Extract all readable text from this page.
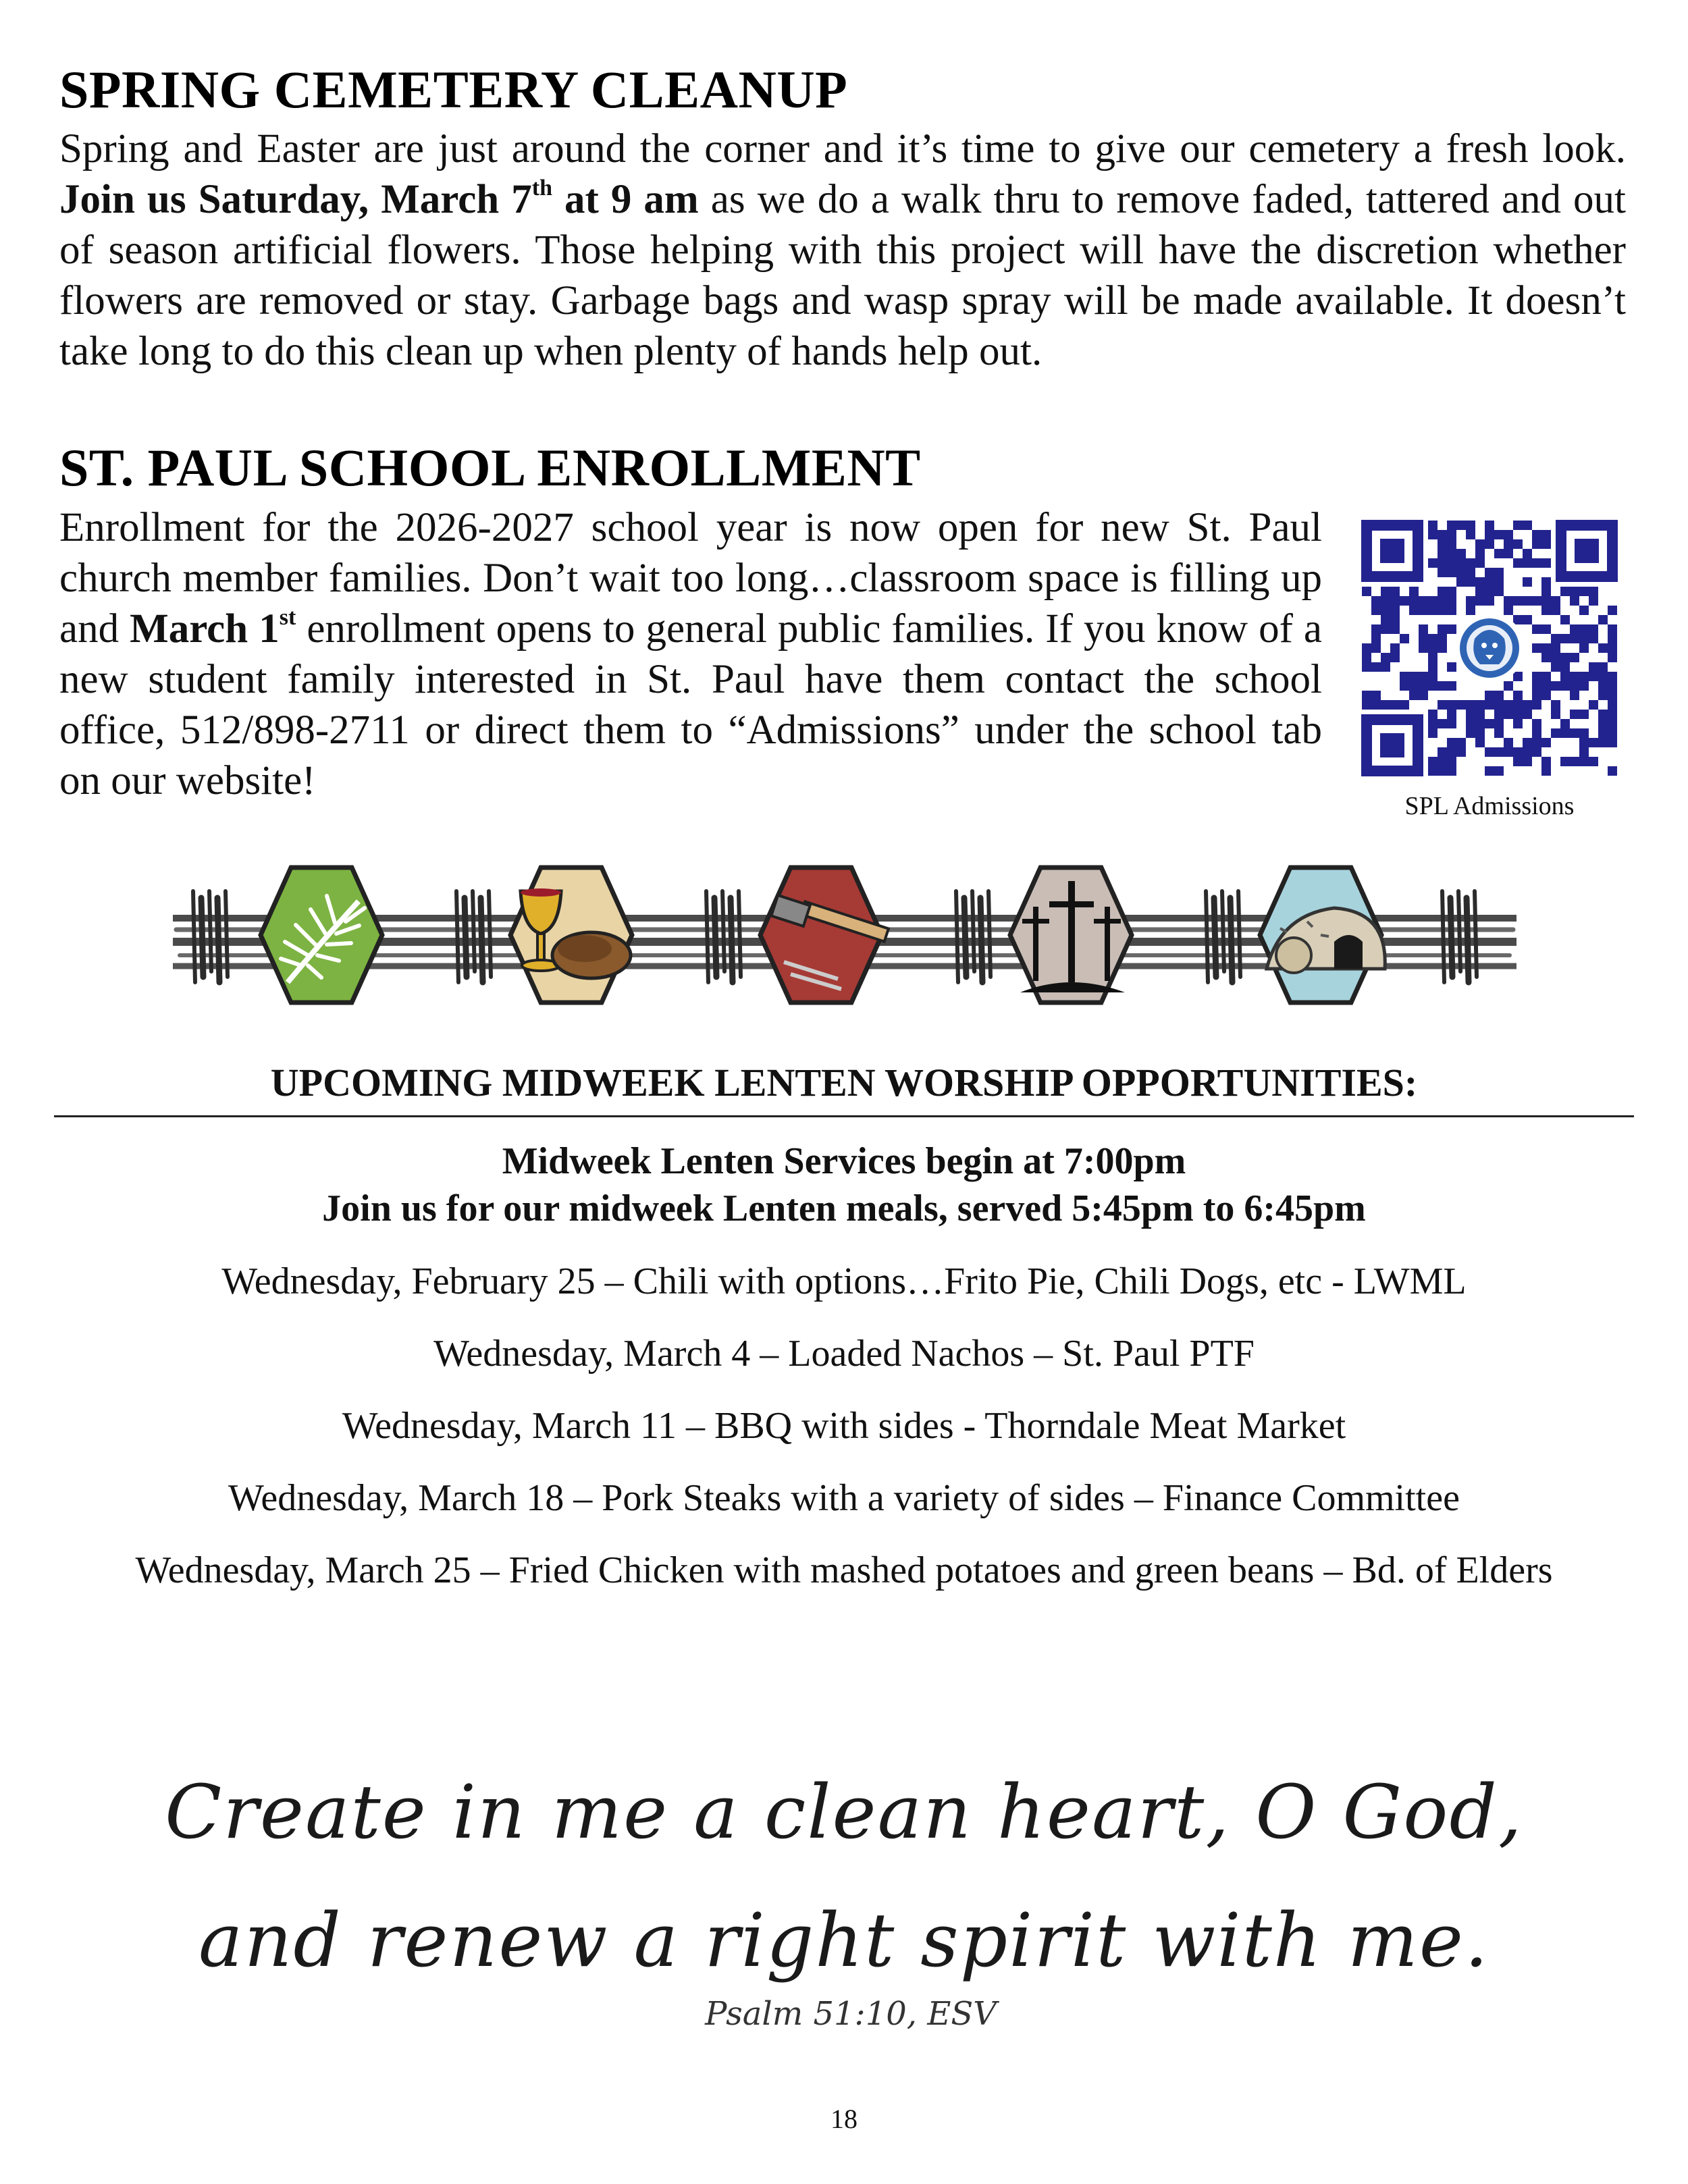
SPRING CEMETERY CLEANUP

Spring and Easter are just around the corner and it’s time to give our cemetery a fresh look. Join us Saturday, March 7th at 9 am as we do a walk thru to remove faded, tattered and out of season artificial flowers. Those helping with this project will have the discretion whether flowers are removed or stay. Garbage bags and wasp spray will be made available. It doesn’t take long to do this clean up when plenty of hands help out.

ST. PAUL SCHOOL ENROLLMENT

Enrollment for the 2026-2027 school year is now open for new St. Paul church member families. Don’t wait too long…classroom space is filling up and March 1st enrollment opens to general public families. If you know of a new student family interested in St. Paul have them contact the school office, 512/898-2711 or direct them to “Admissions” under the school tab on our website!

SPL Admissions
UPCOMING MIDWEEK LENTEN WORSHIP OPPORTUNITIES:

Midweek Lenten Services begin at 7:00pm

Join us for our midweek Lenten meals, served 5:45pm to 6:45pm

Wednesday, February 25 – Chili with options…Frito Pie, Chili Dogs, etc - LWML

Wednesday, March 4 – Loaded Nachos – St. Paul PTF

Wednesday, March 11 – BBQ with sides - Thorndale Meat Market

Wednesday, March 18 – Pork Steaks with a variety of sides – Finance Committee

Wednesday, March 25 – Fried Chicken with mashed potatoes and green beans – Bd. of Elders

Create in me a clean heart, O God,
and renew a right spirit with me.
Psalm 51:10, ESV
18
